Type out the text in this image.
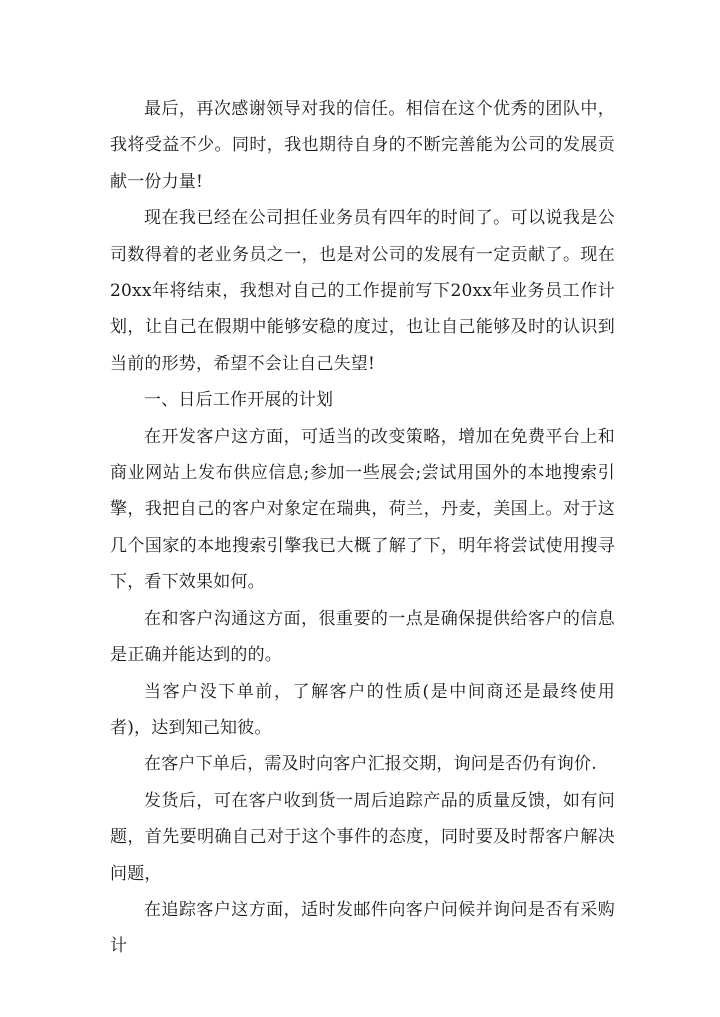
最后，再次感谢领导对我的信任。相信在这个优秀的团队中，我将受益不少。同时，我也期待自身的不断完善能为公司的发展贡献一份力量!

现在我已经在公司担任业务员有四年的时间了。可以说我是公司数得着的老业务员之一，也是对公司的发展有一定贡献了。现在20xx年将结束，我想对自己的工作提前写下20xx年业务员工作计划，让自己在假期中能够安稳的度过，也让自己能够及时的认识到当前的形势，希望不会让自己失望!

一、日后工作开展的计划

在开发客户这方面，可适当的改变策略，增加在免费平台上和商业网站上发布供应信息;参加一些展会;尝试用国外的本地搜索引擎，我把自己的客户对象定在瑞典，荷兰，丹麦，美国上。对于这几个国家的本地搜索引擎我已大概了解了下，明年将尝试使用搜寻下，看下效果如何。

在和客户沟通这方面，很重要的一点是确保提供给客户的信息是正确并能达到的的。

当客户没下单前，了解客户的性质(是中间商还是最终使用者)，达到知己知彼。

在客户下单后，需及时向客户汇报交期，询问是否仍有询价.

发货后，可在客户收到货一周后追踪产品的质量反馈，如有问题，首先要明确自己对于这个事件的态度，同时要及时帮客户解决问题，

在追踪客户这方面，适时发邮件向客户问候并询问是否有采购计
